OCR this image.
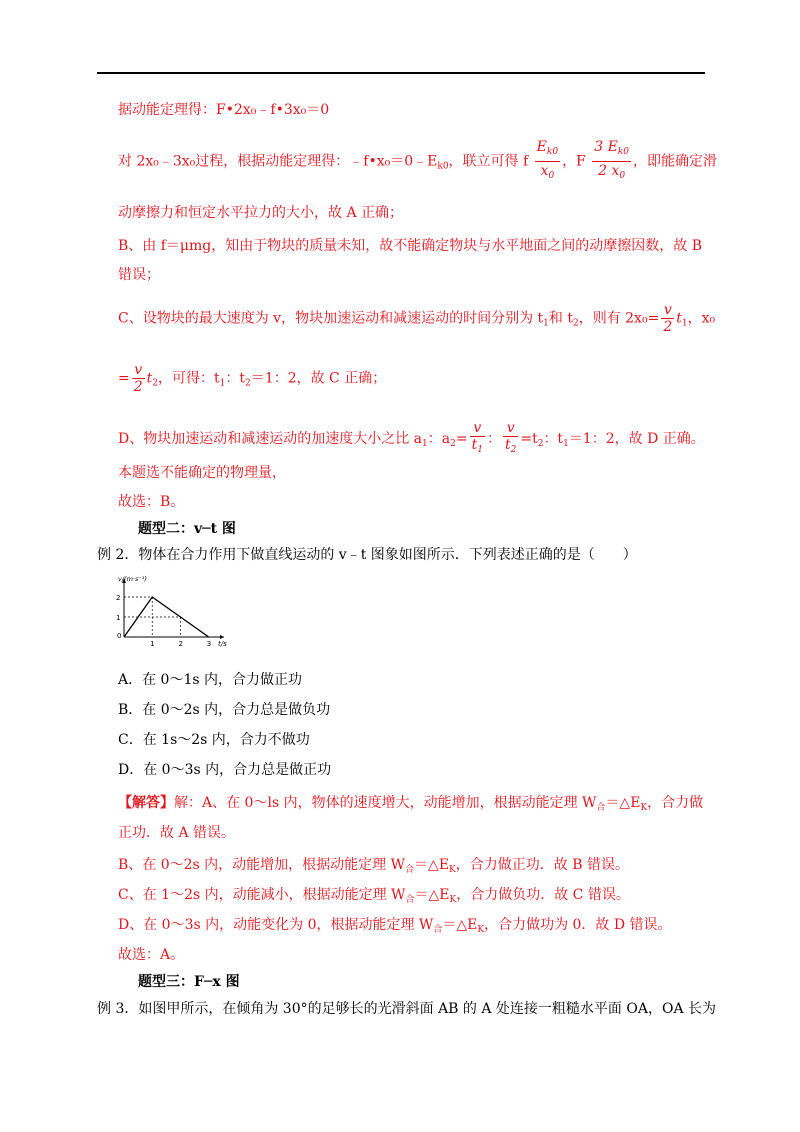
据动能定理得：F•2x₀﹣f•3x₀＝0
对 2x₀﹣3x₀过程，根据动能定理得：$﹣f•x_0=0﹣E_{k0}$，联立可得 f $\frac{E_{k0}}{x_0}$ ，F $\frac{3 E_{k0}}{2 x_0}$ ，即能确定滑
动摩擦力和恒定水平拉力的大小，故 A 正确；
B、由 f＝μmg，知由于物块的质量未知，故不能确定物块与水平地面之间的动摩擦因数，故 B
错误；
C、设物块的最大速度为 v，物块加速运动和减速运动的时间分别为 $t_1$和 $t_2$，则有 $2x_0= \frac{v}{2} t_1$，x₀
= $\frac{v}{2} t_2$，可得：$t_1$：$t_2=1$：2，故 C 正确；
D、物块加速运动和减速运动的加速度大小之比 $a_1$：$a_2= \frac{v}{t_1}$ ： $\frac{v}{t_2} =t_2$：$t_1=1$：2，故 D 正确。
本题选不能确定的物理量，
故选：B。
题型二：v─t 图
例 2．物体在合力作用下做直线运动的 v﹣t 图象如图所示．下列表述正确的是（　　）
0
1	2	3
1
2
v/(m·s⁻¹)
t/s
A．在 0～1s 内，合力做正功
B．在 0～2s 内，合力总是做负功
C．在 1s～2s 内，合力不做功
D．在 0～3s 内，合力总是做正功
【解答】解：A、在 0～ls 内，物体的速度增大，动能增加，根据动能定理 $W_合=\triangle E_K$，合力做
正功．故 A 错误。
B、在 0～2s 内，动能增加，根据动能定理 $W_合=\triangle E_K$，合力做正功．故 B 错误。
C、在 1～2s 内，动能减小，根据动能定理 $W_合=\triangle E_K$，合力做负功．故 C 错误。
D、在 0～3s 内，动能变化为 0，根据动能定理 $W_合=\triangle E_K$，合力做功为 0．故 D 错误。
故选：A。
题型三：F─x 图
例 3．如图甲所示，在倾角为 30°的足够长的光滑斜面 AB 的 A 处连接一粗糙水平面 OA，OA 长为
